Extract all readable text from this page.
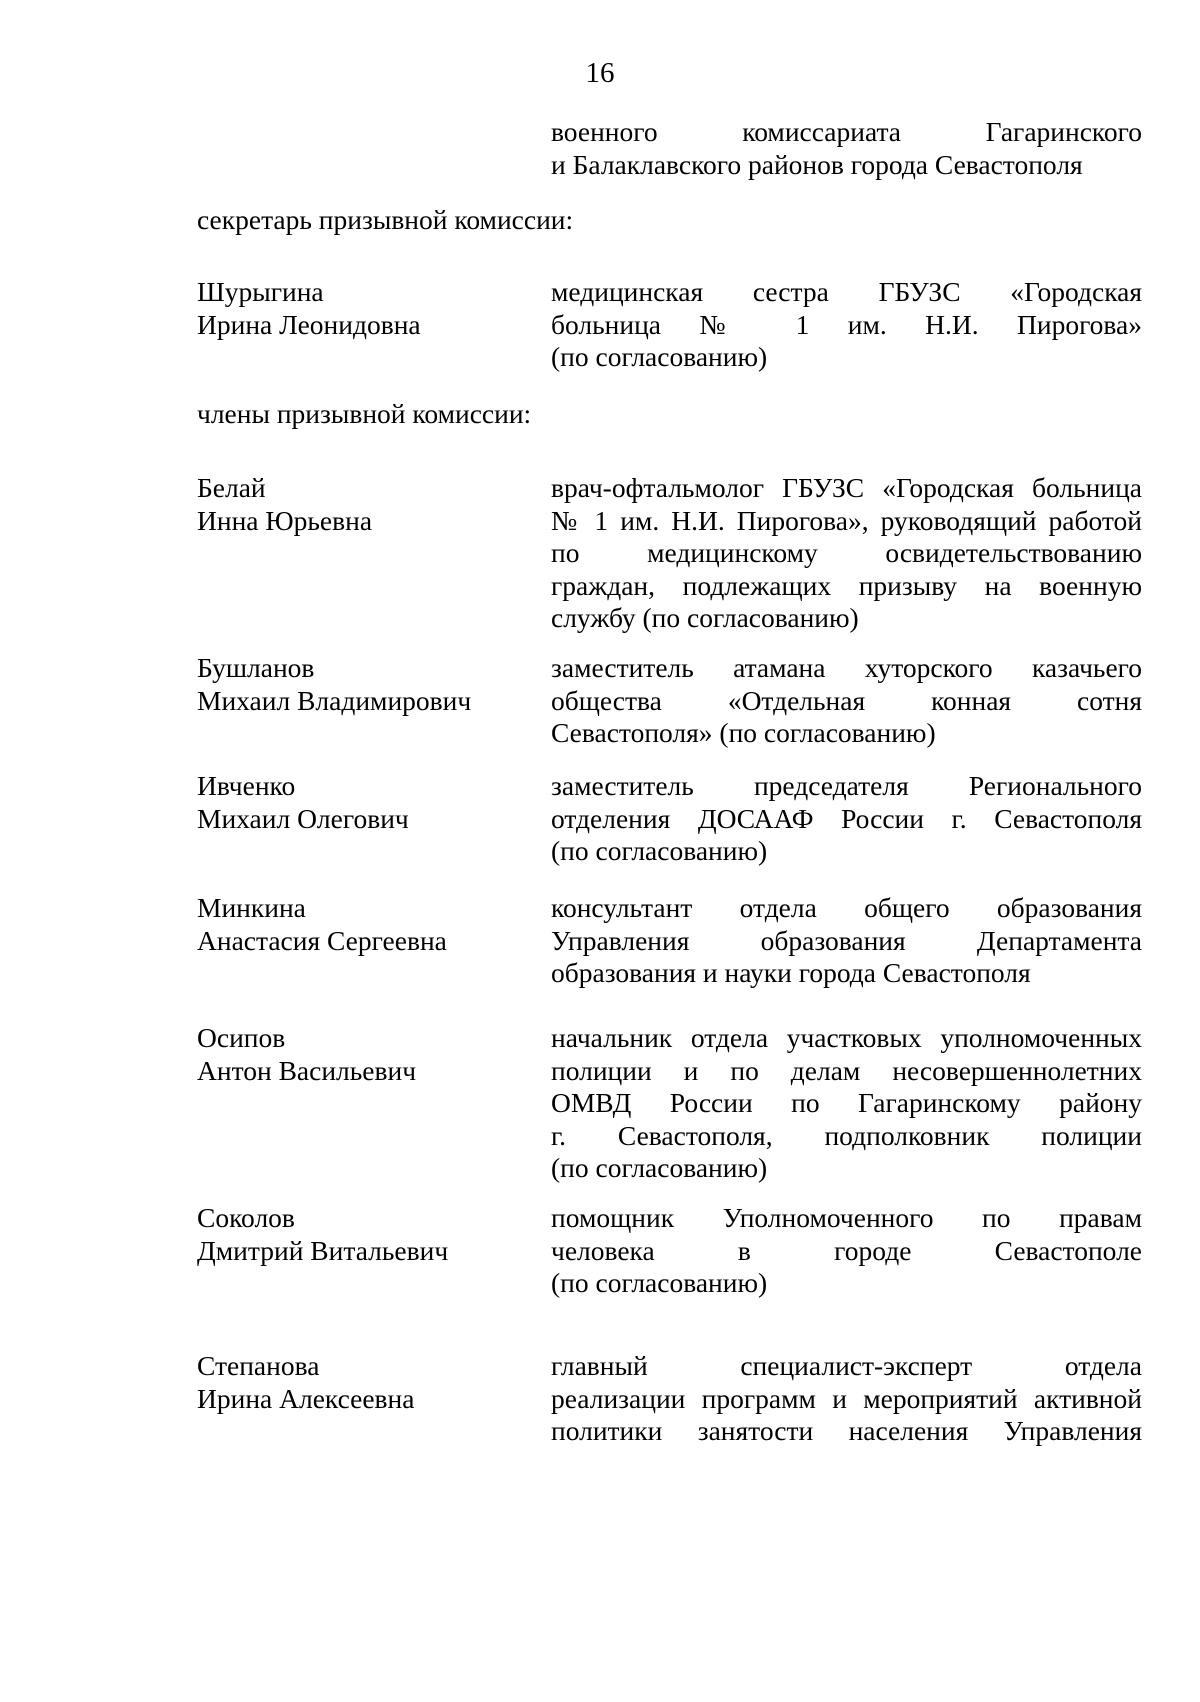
16
военного комиссариата Гагаринского
и Балаклавского районов города Севастополя
секретарь призывной комиссии:
Шурыгина
Ирина Леонидовна
медицинская сестра ГБУЗС «Городская
больница № 1 им. Н.И. Пирогова»
(по согласованию)
члены призывной комиссии:
Белай
Инна Юрьевна
врач-офтальмолог ГБУЗС «Городская больница
№ 1 им. Н.И. Пирогова», руководящий работой
по медицинскому освидетельствованию
граждан, подлежащих призыву на военную
службу (по согласованию)
Бушланов
Михаил Владимирович
заместитель атамана хуторского казачьего
общества «Отдельная конная сотня
Севастополя» (по согласованию)
Ивченко
Михаил Олегович
заместитель председателя Регионального
отделения ДОСААФ России г. Севастополя
(по согласованию)
Минкина
Анастасия Сергеевна
консультант отдела общего образования
Управления образования Департамента
образования и науки города Севастополя
Осипов
Антон Васильевич
начальник отдела участковых уполномоченных
полиции и по делам несовершеннолетних
ОМВД России по Гагаринскому району
г. Севастополя, подполковник полиции
(по согласованию)
Соколов
Дмитрий Витальевич
помощник Уполномоченного по правам
человека в городе Севастополе
(по согласованию)
Степанова
Ирина Алексеевна
главный специалист-эксперт отдела
реализации программ и мероприятий активной
политики занятости населения Управления
